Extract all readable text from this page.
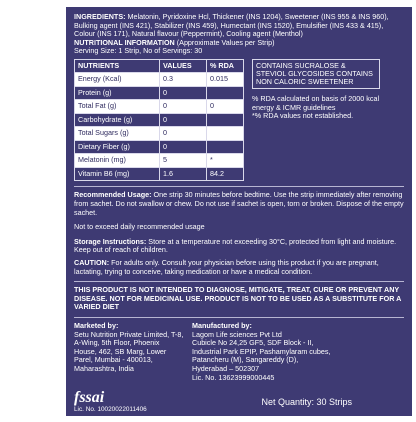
INGREDIENTS: Melatonin, Pyridoxine Hcl, Thickener (INS 1204), Sweetener (INS 955 & INS 960), Bulking agent (INS 421), Stabilizer (INS 459), Humectant (INS 1520), Emulsifier (INS 433 & 415), Colour (INS 171), Natural flavour (Peppermint), Cooling agent (Menthol)

NUTRITIONAL INFORMATION (Approximate Values per Strip)

Serving Size: 1 Strip, No of Servings: 30

NUTRIENTS	VALUES	% RDA
Energy (Kcal)	0.3	0.015
Protein (g)	0	
Total Fat (g)	0	0
Carbohydrate (g)	0	
Total Sugars (g)	0	
Dietary Fiber (g)	0	
Melatonin (mg)	5	*
Vitamin B6 (mg)	1.6	84.2
CONTAINS SUCRALOSE & STEVIOL GLYCOSIDES CONTAINS NON CALORIC SWEETENER
% RDA calculated on basis of 2000 kcal energy & ICMR guidelines
*% RDA values not established.

Recommended Usage: One strip 30 minutes before bedtime. Use the strip immediately after removing from sachet. Do not swallow or chew. Do not use if sachet is open, torn or broken. Dispose of the empty sachet.

Not to exceed daily recommended usage

Storage Instructions: Store at a temperature not exceeding 30°C, protected from light and moisture. Keep out of reach of children.

CAUTION: For adults only. Consult your physician before using this product if you are pregnant, lactating, trying to conceive, taking medication or have a medical condition.

THIS PRODUCT IS NOT INTENDED TO DIAGNOSE, MITIGATE, TREAT, CURE OR PREVENT ANY DISEASE. NOT FOR MEDICINAL USE. PRODUCT IS NOT TO BE USED AS A SUBSTITUTE FOR A VARIED DIET

Marketed by:
Setu Nutrition Private Limited, T-8, A-Wing, 5th Floor, Phoenix House, 462, SB Marg, Lower Parel, Mumbai - 400013, Maharashtra, India
Manufactured by:
Lagom Life sciences Pvt Ltd
Cubicle No 24,25 GF5, SDF Block - II,
Industrial Park EPIP, Pashamylaram cubes,
Patancheru (M), Sangareddy (D),
Hyderabad – 502307
Lic. No. 13623999000445
fssai
Lic. No. 10020022011406
Net Quantity: 30 Strips
